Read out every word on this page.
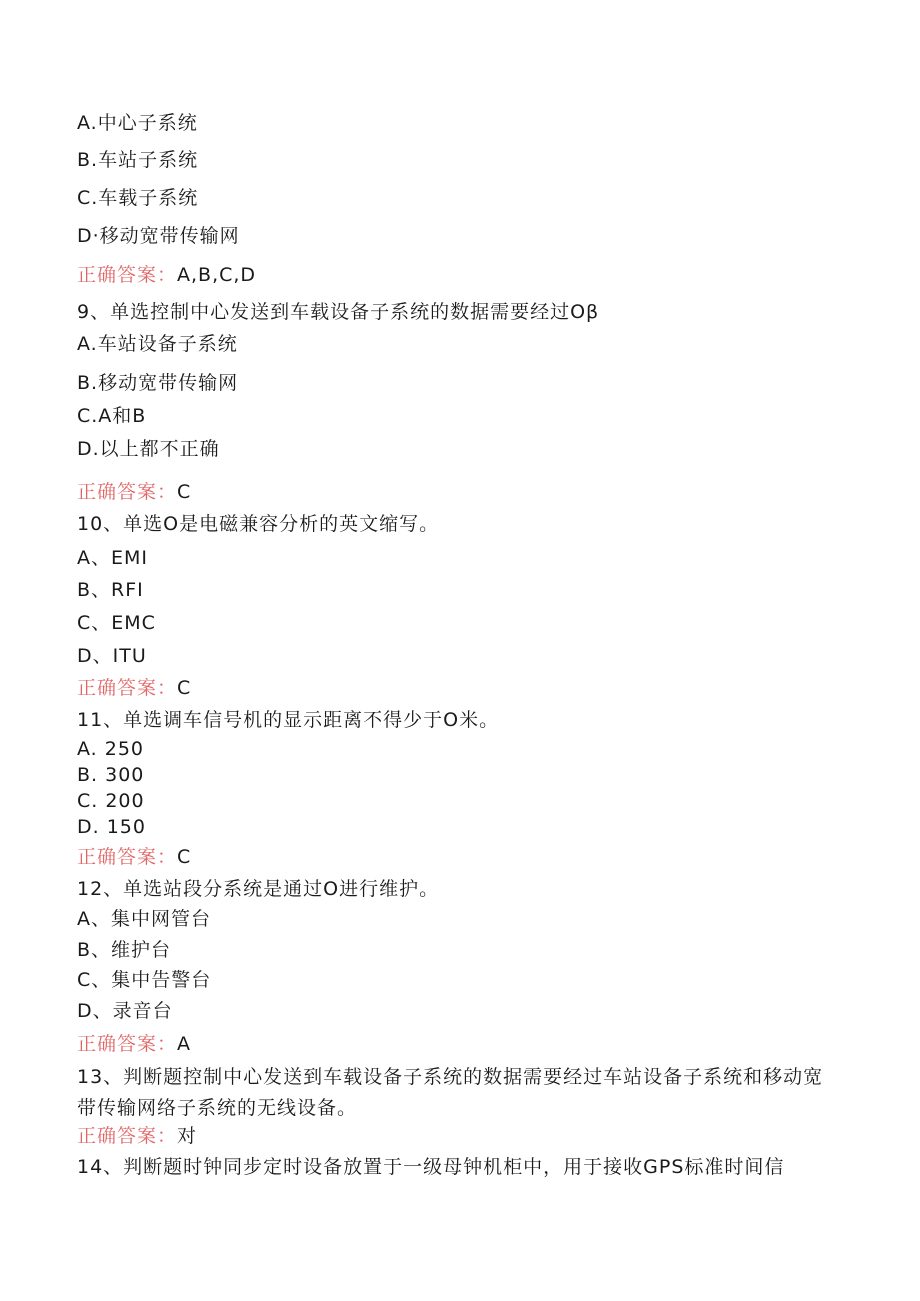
A.中心子系统
B.车站子系统
C.车载子系统
D·移动宽带传输网
正确答案：A,B,C,D
9、单选控制中心发送到车载设备子系统的数据需要经过Oβ
A.车站设备子系统
B.移动宽带传输网
C.A和B
D.以上都不正确
正确答案：C
10、单选O是电磁兼容分析的英文缩写。
A、EMI
B、RFI
C、EMC
D、ITU
正确答案：C
11、单选调车信号机的显示距离不得少于O米。
A. 250
B. 300
C. 200
D. 150
正确答案：C
12、单选站段分系统是通过O进行维护。
A、集中网管台
B、维护台
C、集中告警台
D、录音台
正确答案：A
13、判断题控制中心发送到车载设备子系统的数据需要经过车站设备子系统和移动宽带传输网络子系统的无线设备。
正确答案：对
14、判断题时钟同步定时设备放置于一级母钟机柜中，用于接收GPS标准时间信
